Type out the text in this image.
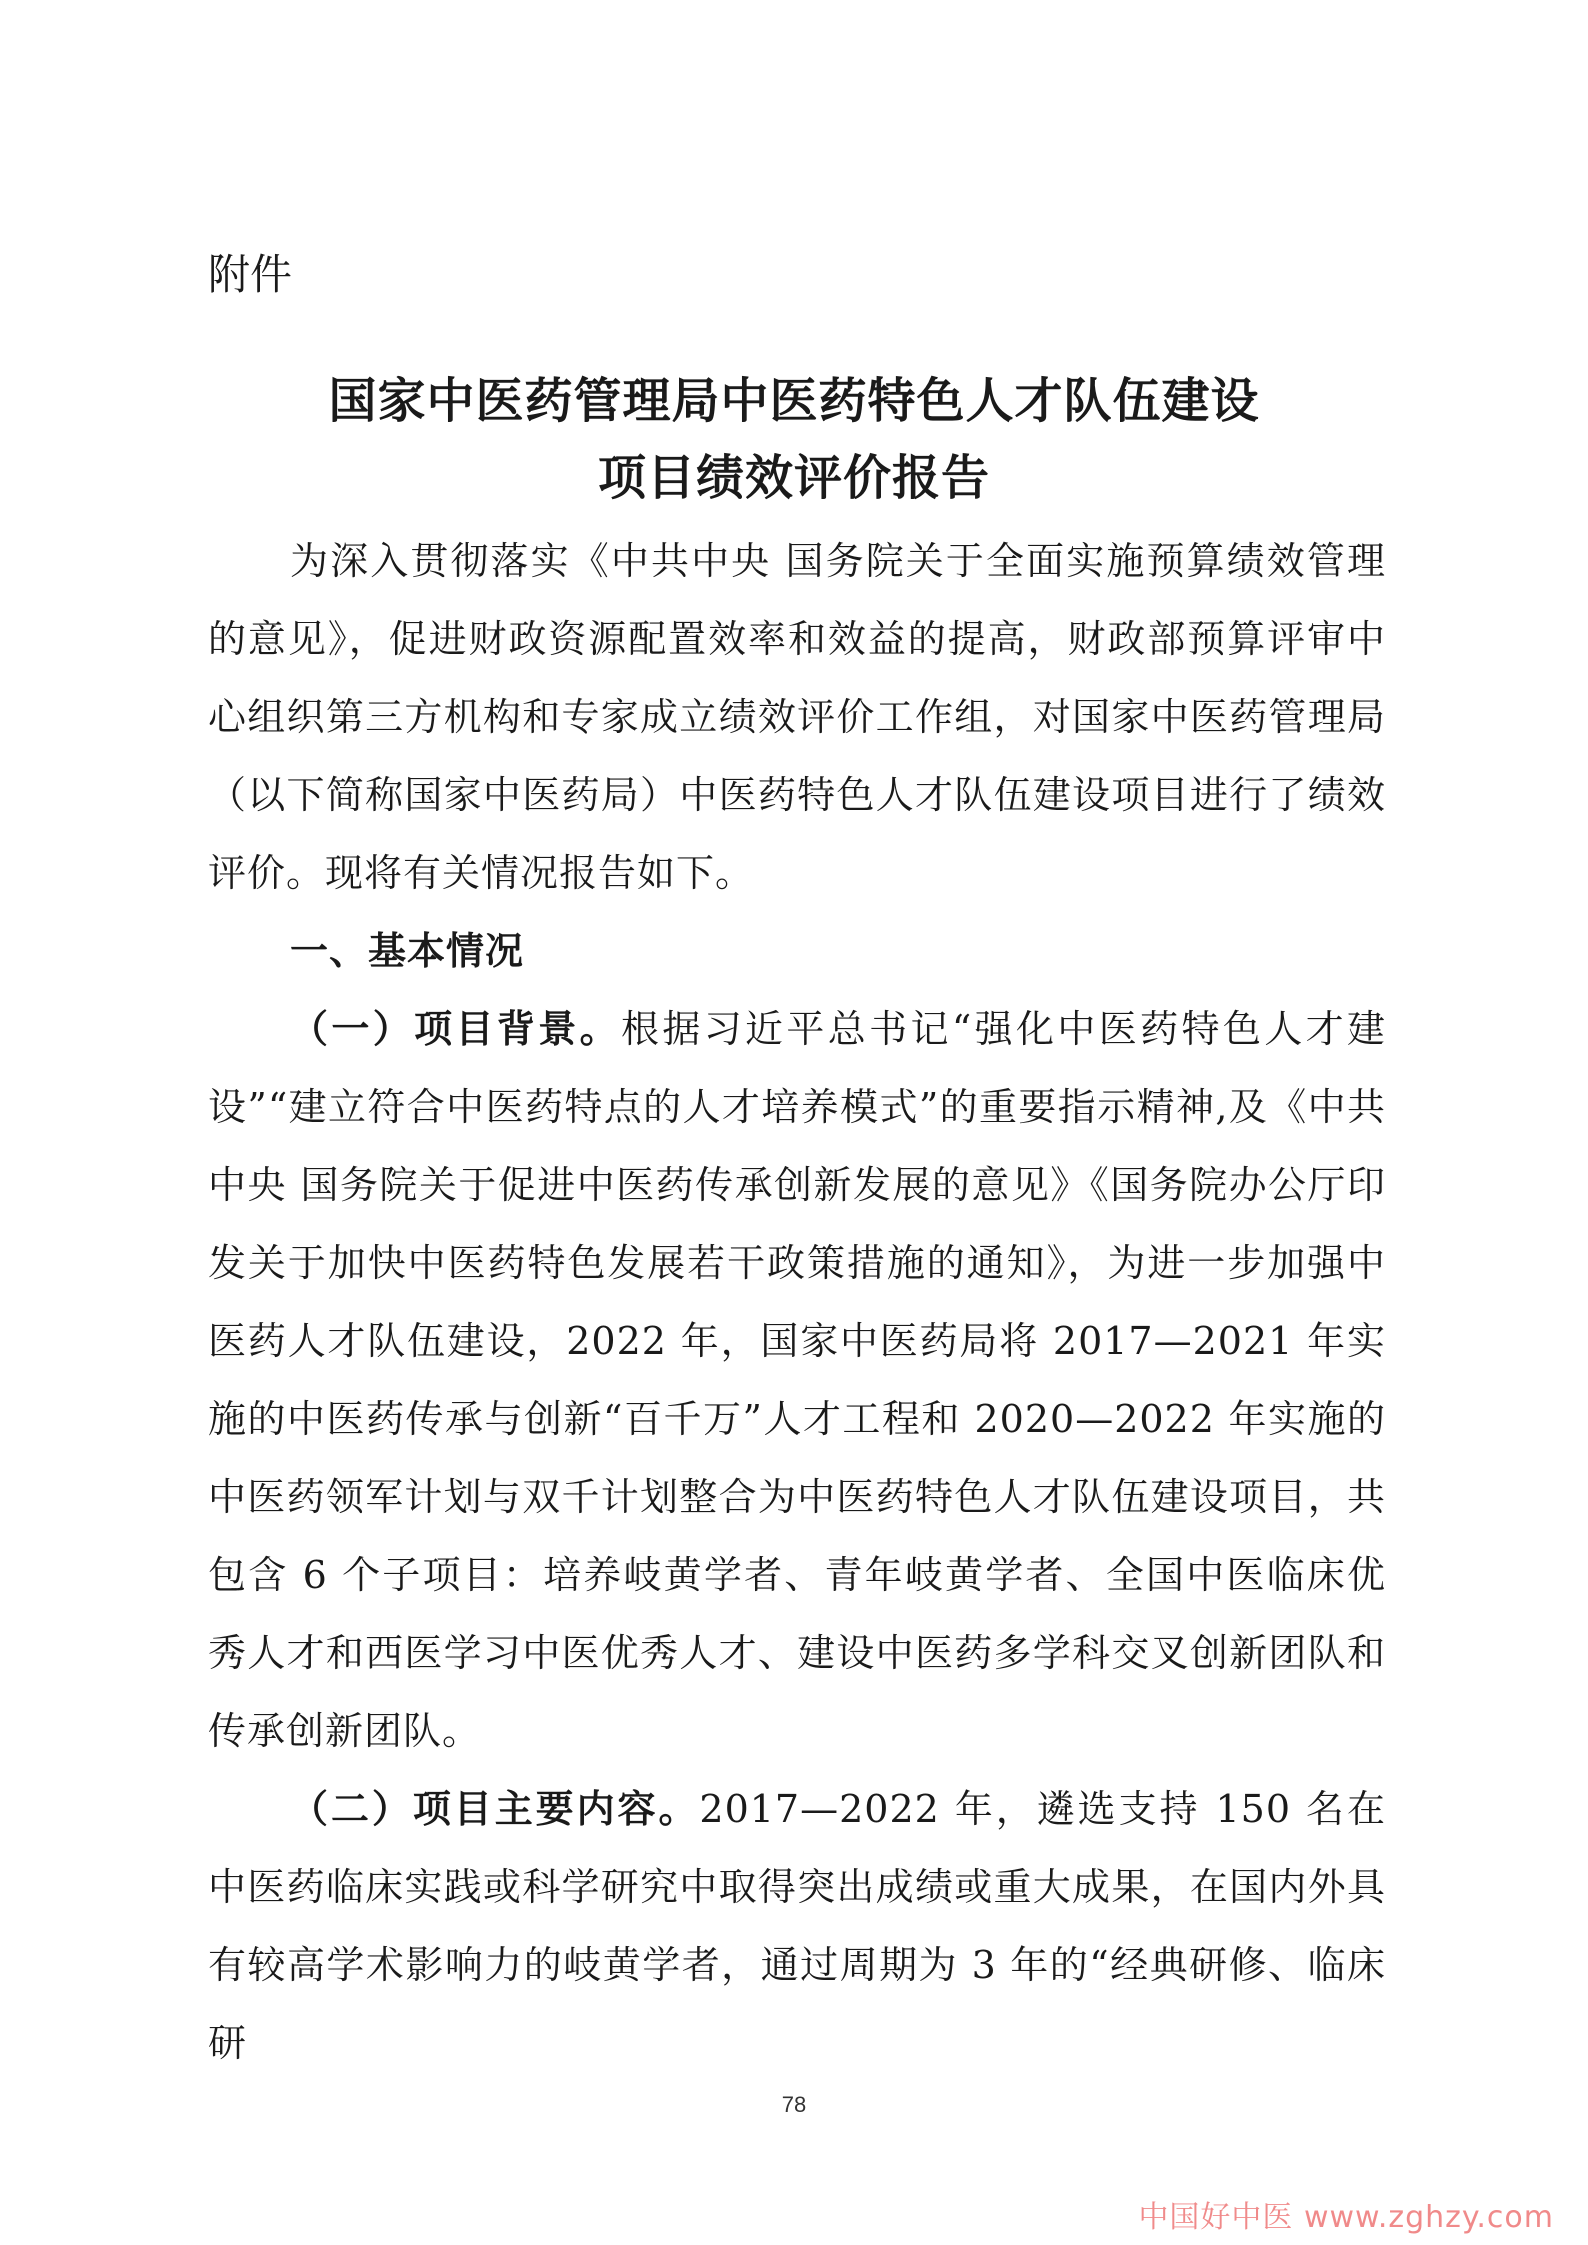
附件
国家中医药管理局中医药特色人才队伍建设
项目绩效评价报告

为深入贯彻落实《中共中央 国务院关于全面实施预算绩效管理的意见》，促进财政资源配置效率和效益的提高，财政部预算评审中心组织第三方机构和专家成立绩效评价工作组，对国家中医药管理局（以下简称国家中医药局）中医药特色人才队伍建设项目进行了绩效评价。现将有关情况报告如下。

一、基本情况

（一）项目背景。根据习近平总书记“强化中医药特色人才建设”“建立符合中医药特点的人才培养模式”的重要指示精神,及《中共中央 国务院关于促进中医药传承创新发展的意见》《国务院办公厅印发关于加快中医药特色发展若干政策措施的通知》，为进一步加强中医药人才队伍建设，2022 年，国家中医药局将 2017—2021 年实施的中医药传承与创新“百千万”人才工程和 2020—2022 年实施的中医药领军计划与双千计划整合为中医药特色人才队伍建设项目，共包含 6 个子项目：培养岐黄学者、青年岐黄学者、全国中医临床优秀人才和西医学习中医优秀人才、建设中医药多学科交叉创新团队和传承创新团队。

（二）项目主要内容。2017—2022 年，遴选支持 150 名在中医药临床实践或科学研究中取得突出成绩或重大成果，在国内外具有较高学术影响力的岐黄学者，通过周期为 3 年的“经典研修、临床研

78
中国好中医 www.zghzy.com
